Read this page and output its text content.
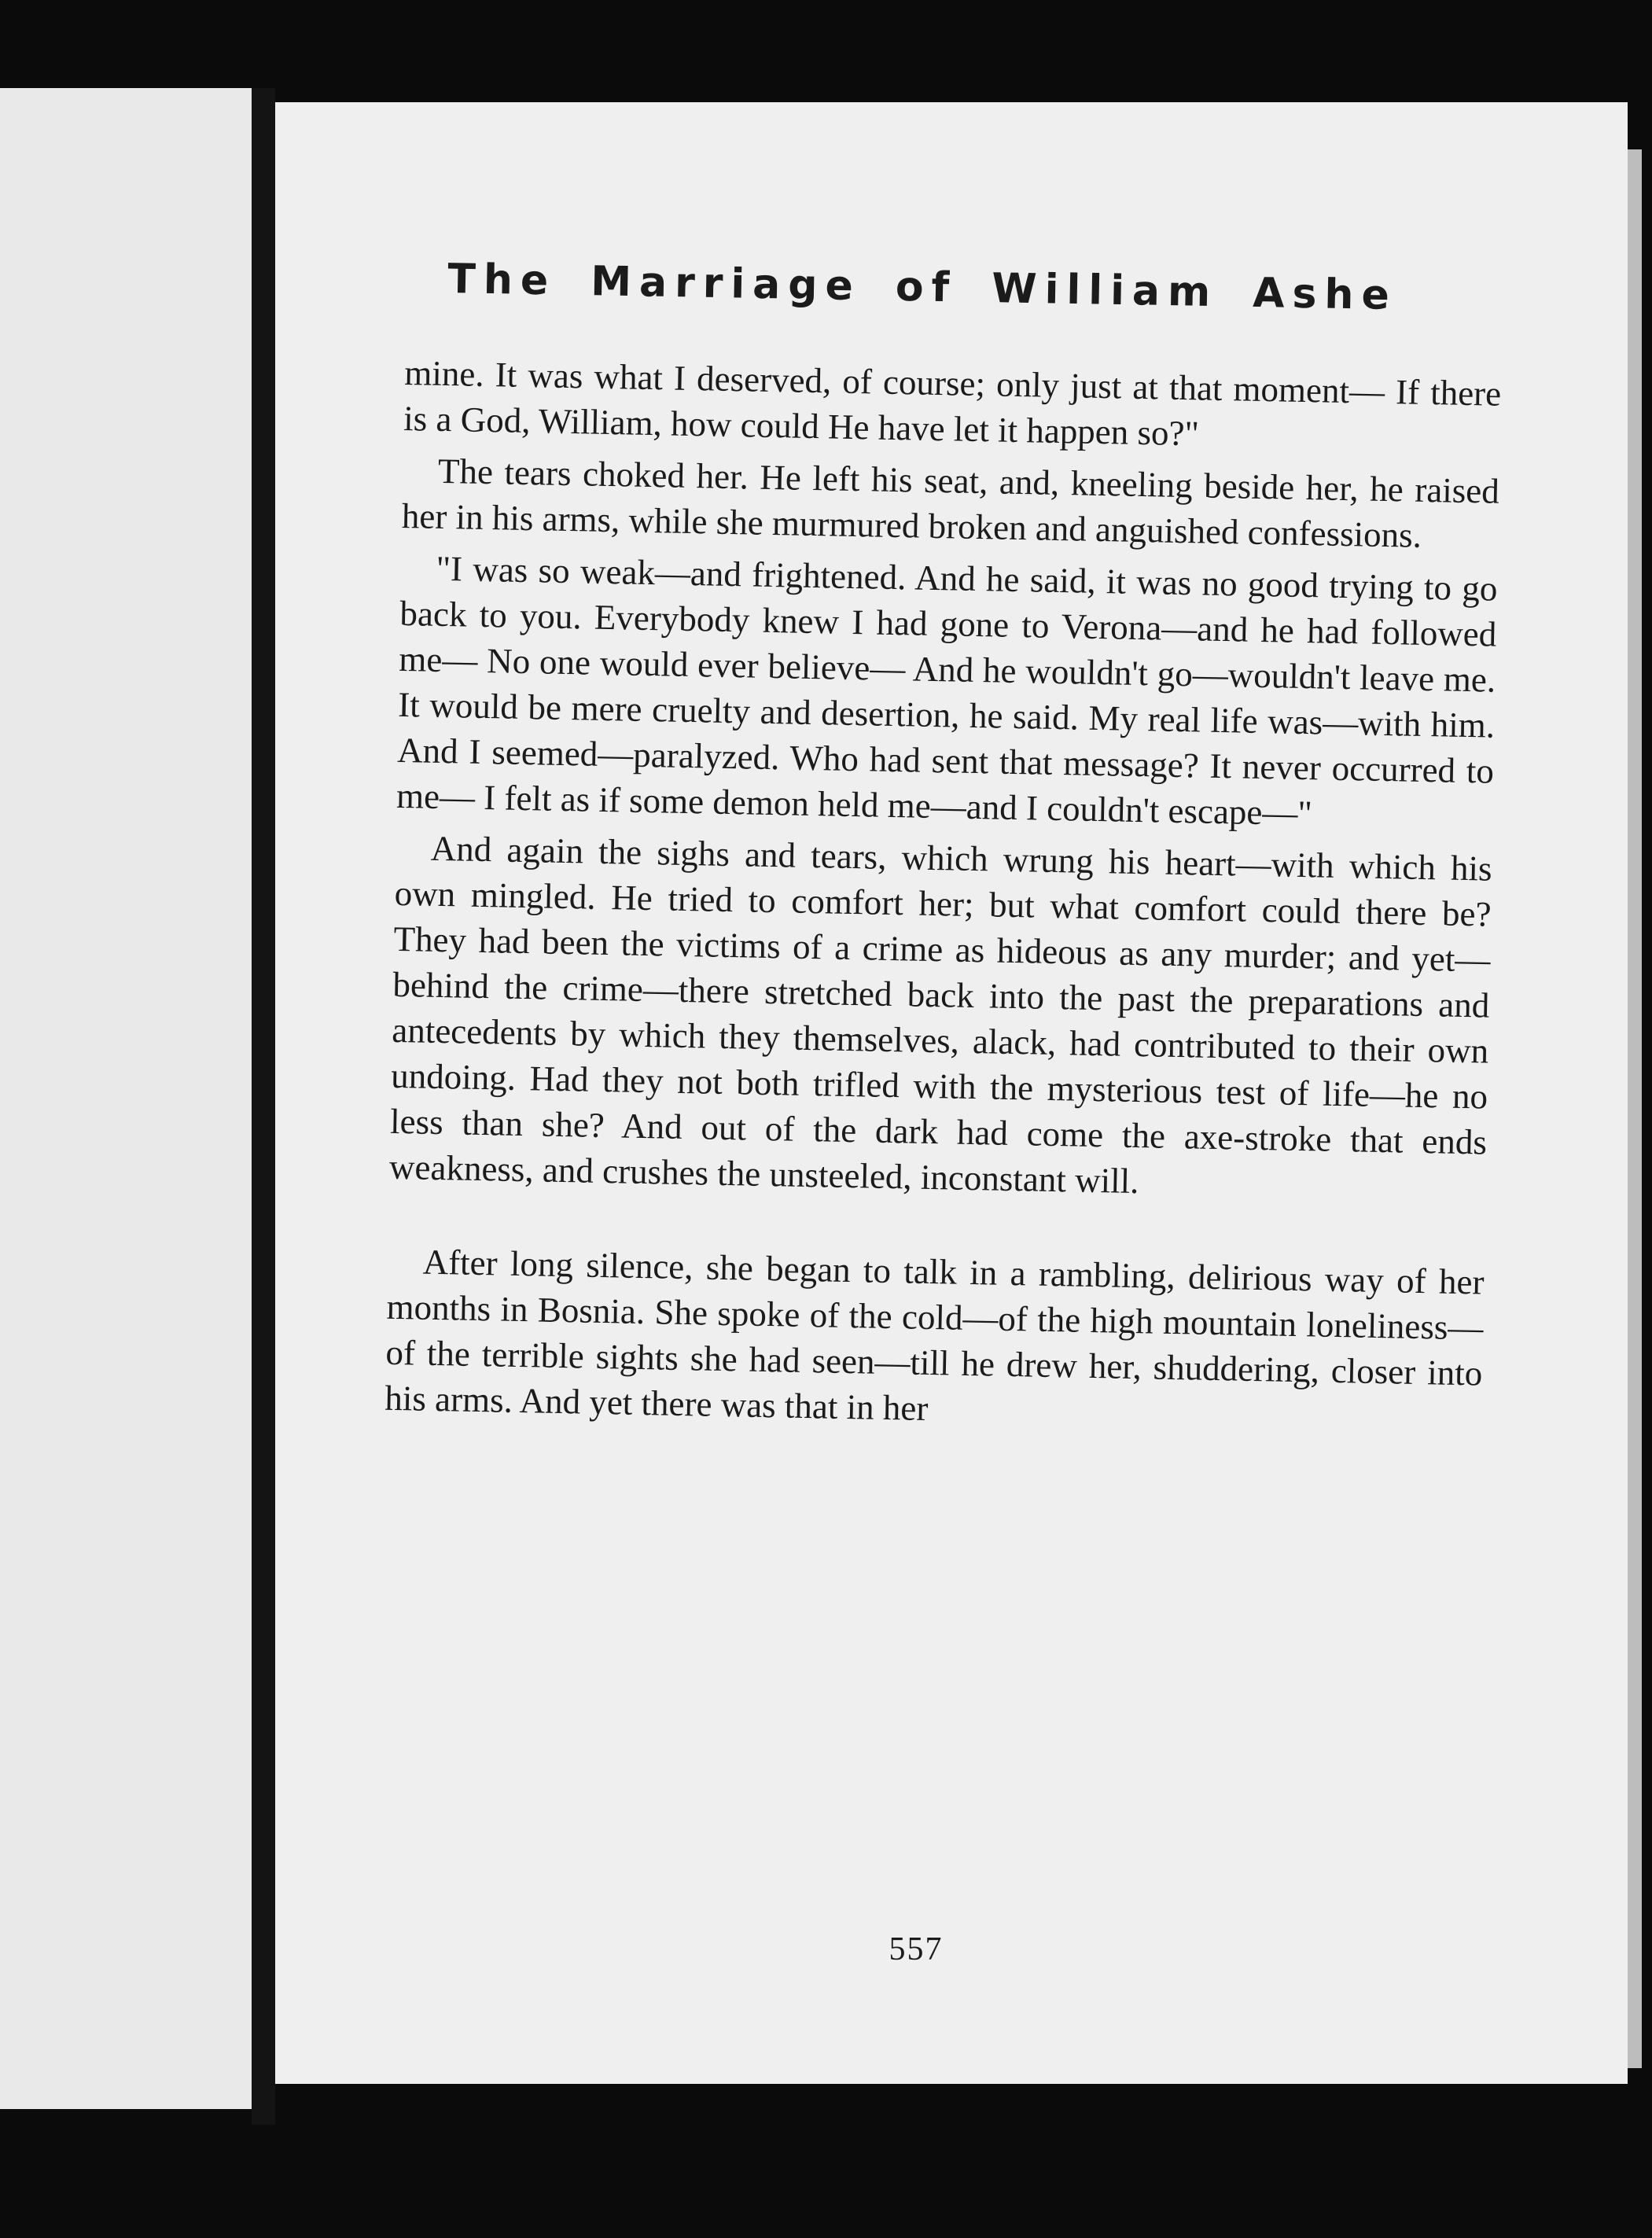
The Marriage of William Ashe

mine. It was what I deserved, of course; only just at that moment— If there is a God, William, how could He have let it happen so?"

The tears choked her. He left his seat, and, kneeling beside her, he raised her in his arms, while she murmured broken and anguished confessions.

"I was so weak—and frightened. And he said, it was no good trying to go back to you. Everybody knew I had gone to Verona—and he had followed me— No one would ever believe— And he wouldn't go—wouldn't leave me. It would be mere cruelty and desertion, he said. My real life was—with him. And I seemed—paralyzed. Who had sent that message? It never occurred to me— I felt as if some demon held me—and I couldn't escape—"

And again the sighs and tears, which wrung his heart—with which his own mingled. He tried to comfort her; but what comfort could there be? They had been the victims of a crime as hideous as any murder; and yet—behind the crime—there stretched back into the past the preparations and antecedents by which they themselves, alack, had contributed to their own undoing. Had they not both trifled with the mysterious test of life—he no less than she? And out of the dark had come the axe-stroke that ends weakness, and crushes the unsteeled, inconstant will.

After long silence, she began to talk in a rambling, delirious way of her months in Bosnia. She spoke of the cold—of the high mountain loneliness—of the terrible sights she had seen—till he drew her, shuddering, closer into his arms. And yet there was that in her

557
